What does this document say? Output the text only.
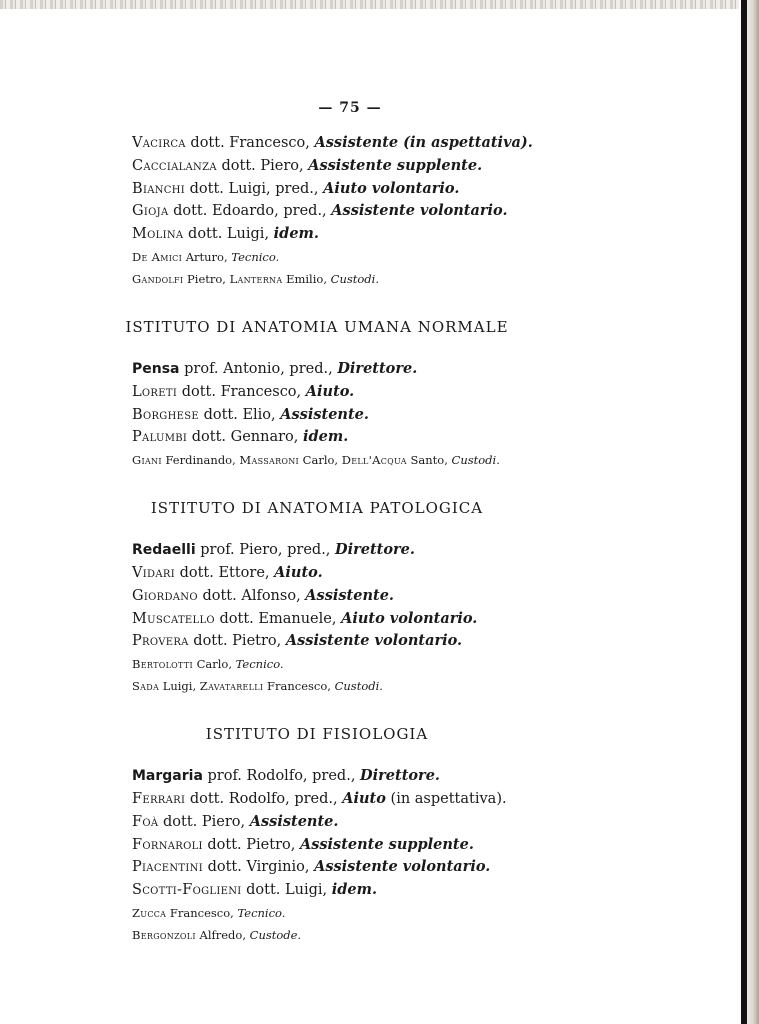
— 75 —
Vacirca dott. Francesco, Assistente (in aspettativa).
Caccialanza dott. Piero, Assistente supplente.
Bianchi dott. Luigi, pred., Aiuto volontario.
Gioja dott. Edoardo, pred., Assistente volontario.
Molina dott. Luigi, idem.
De Amici Arturo, Tecnico.
Gandolfi Pietro, Lanterna Emilio, Custodi.
ISTITUTO DI ANATOMIA UMANA NORMALE
Pensa prof. Antonio, pred., Direttore.
Loreti dott. Francesco, Aiuto.
Borghese dott. Elio, Assistente.
Palumbi dott. Gennaro, idem.
Giani Ferdinando, Massaroni Carlo, Dell'Acqua Santo, Custodi.
ISTITUTO DI ANATOMIA PATOLOGICA
Redaelli prof. Piero, pred., Direttore.
Vidari dott. Ettore, Aiuto.
Giordano dott. Alfonso, Assistente.
Muscatello dott. Emanuele, Aiuto volontario.
Provera dott. Pietro, Assistente volontario.
Bertolotti Carlo, Tecnico.
Sada Luigi, Zavatarelli Francesco, Custodi.
ISTITUTO DI FISIOLOGIA
Margaria prof. Rodolfo, pred., Direttore.
Ferrari dott. Rodolfo, pred., Aiuto (in aspettativa).
Foà dott. Piero, Assistente.
Fornaroli dott. Pietro, Assistente supplente.
Piacentini dott. Virginio, Assistente volontario.
Scotti-Foglieni dott. Luigi, idem.
Zucca Francesco, Tecnico.
Bergonzoli Alfredo, Custode.
